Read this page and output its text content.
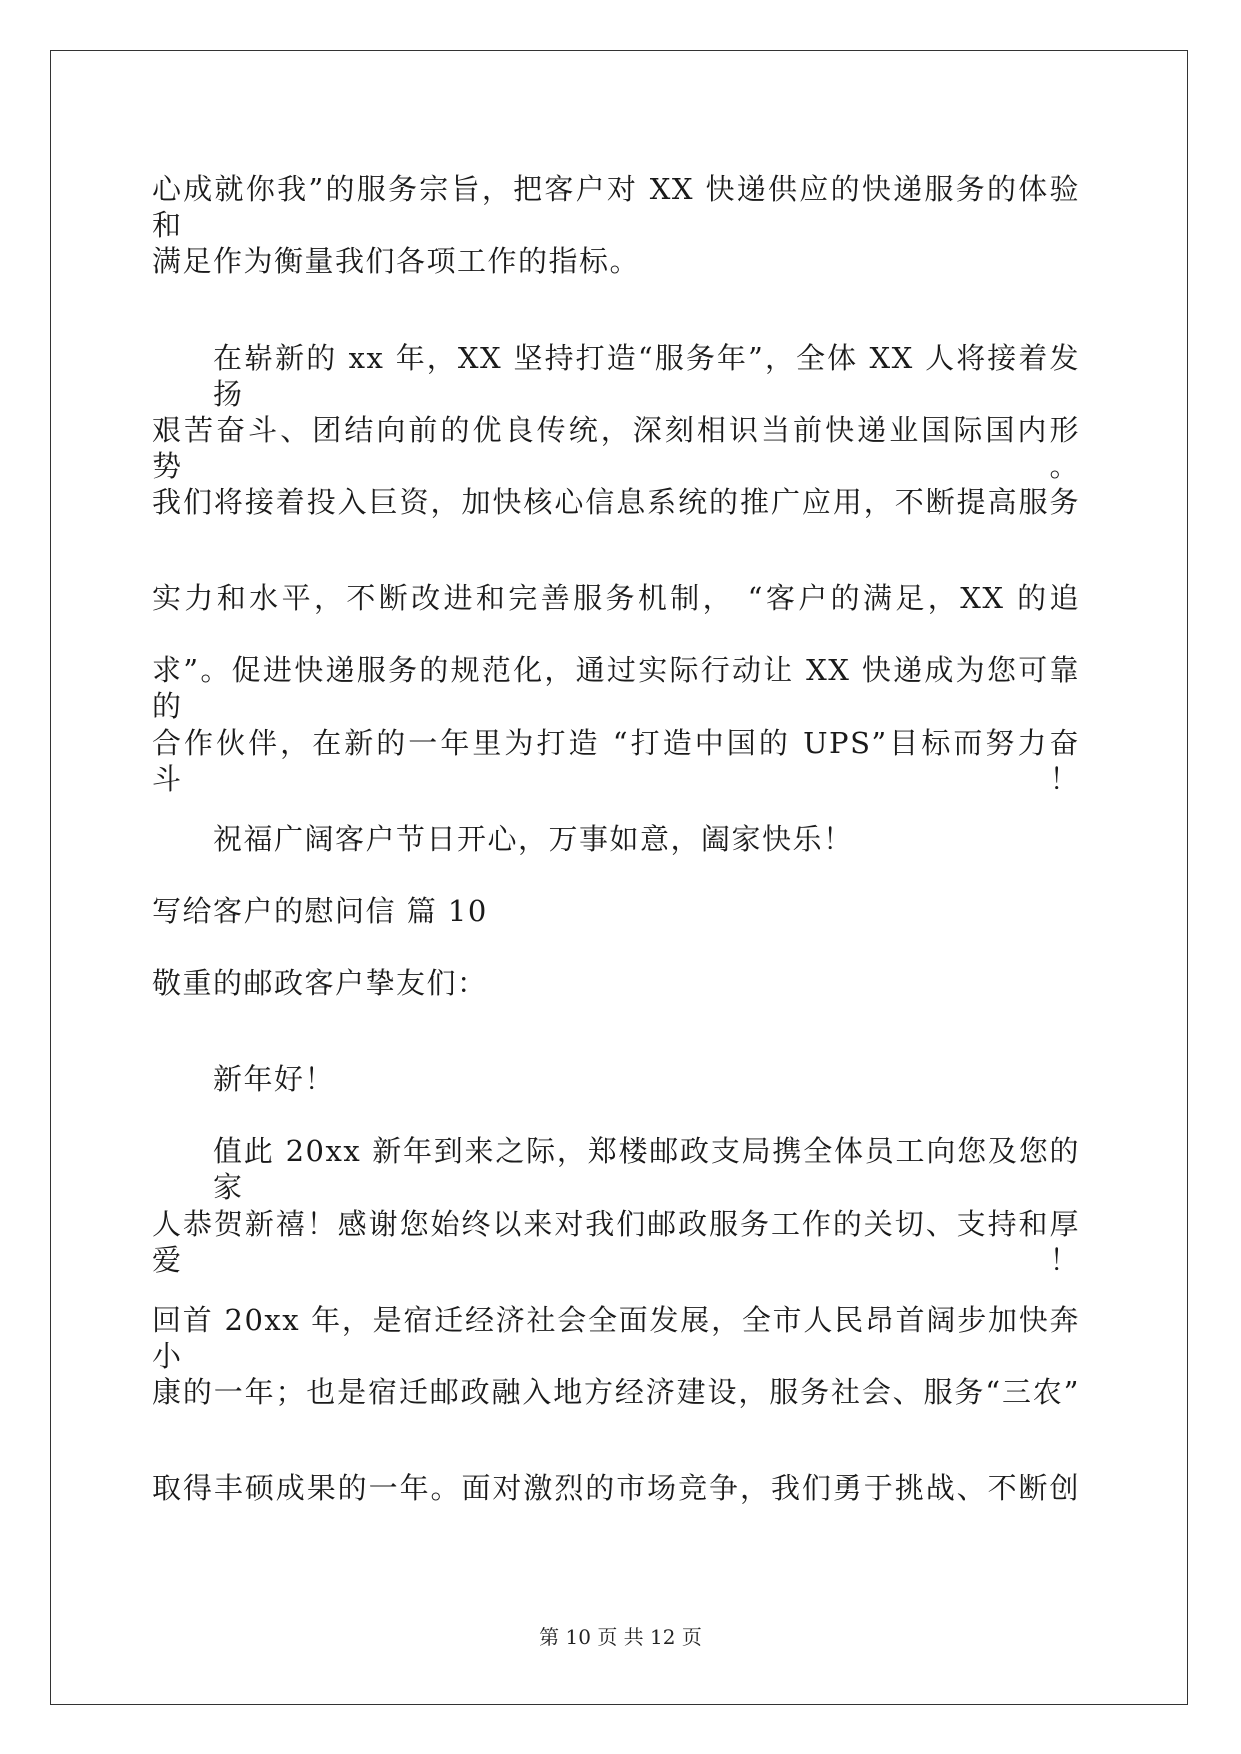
心成就你我”的服务宗旨，把客户对 XX 快递供应的快递服务的体验和
满足作为衡量我们各项工作的指标。
在崭新的 xx 年，XX 坚持打造“服务年”，全体 XX 人将接着发扬
艰苦奋斗、团结向前的优良传统，深刻相识当前快递业国际国内形势。
我们将接着投入巨资，加快核心信息系统的推广应用，不断提高服务
实力和水平，不断改进和完善服务机制， “客户的满足，XX 的追
求”。促进快递服务的规范化，通过实际行动让 XX 快递成为您可靠的
合作伙伴，在新的一年里为打造 “打造中国的 UPS”目标而努力奋斗！
祝福广阔客户节日开心，万事如意，阖家快乐！
写给客户的慰问信 篇 10
敬重的邮政客户挚友们：
新年好！
值此 20xx 新年到来之际，郑楼邮政支局携全体员工向您及您的家
人恭贺新禧！感谢您始终以来对我们邮政服务工作的关切、支持和厚爱！
回首 20xx 年，是宿迁经济社会全面发展，全市人民昂首阔步加快奔小
康的一年；也是宿迁邮政融入地方经济建设，服务社会、服务“三农”
取得丰硕成果的一年。面对激烈的市场竞争，我们勇于挑战、不断创
第 10 页 共 12 页
